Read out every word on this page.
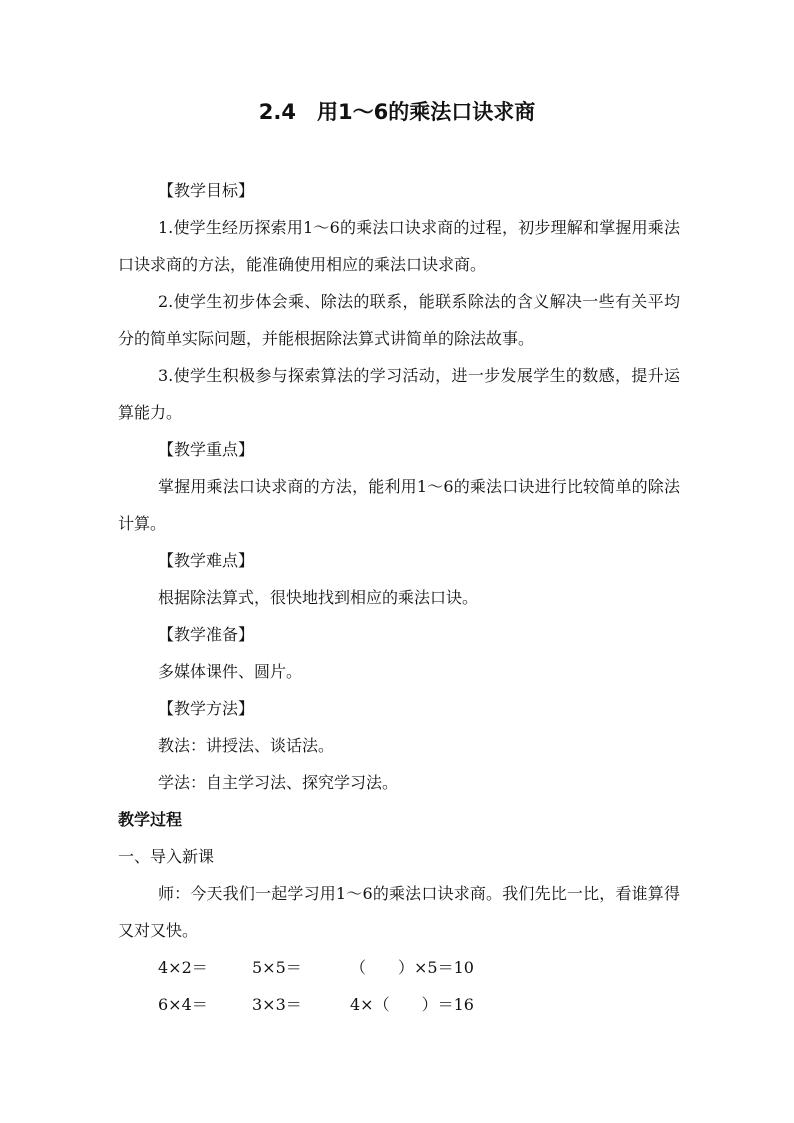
2.4　用1～6的乘法口诀求商

【教学目标】

1.使学生经历探索用1～6的乘法口诀求商的过程，初步理解和掌握用乘法口诀求商的方法，能准确使用相应的乘法口诀求商。

2.使学生初步体会乘、除法的联系，能联系除法的含义解决一些有关平均分的简单实际问题，并能根据除法算式讲简单的除法故事。

3.使学生积极参与探索算法的学习活动，进一步发展学生的数感，提升运算能力。

【教学重点】

掌握用乘法口诀求商的方法，能利用1～6的乘法口诀进行比较简单的除法计算。

【教学难点】

根据除法算式，很快地找到相应的乘法口诀。

【教学准备】

多媒体课件、圆片。

【教学方法】

教法：讲授法、谈话法。

学法：自主学习法、探究学习法。

教学过程

一、导入新课

师：今天我们一起学习用1～6的乘法口诀求商。我们先比一比，看谁算得又对又快。

4×2＝	5×5＝	（　　）×5＝10
6×4＝	3×3＝	4×（　　）＝16
